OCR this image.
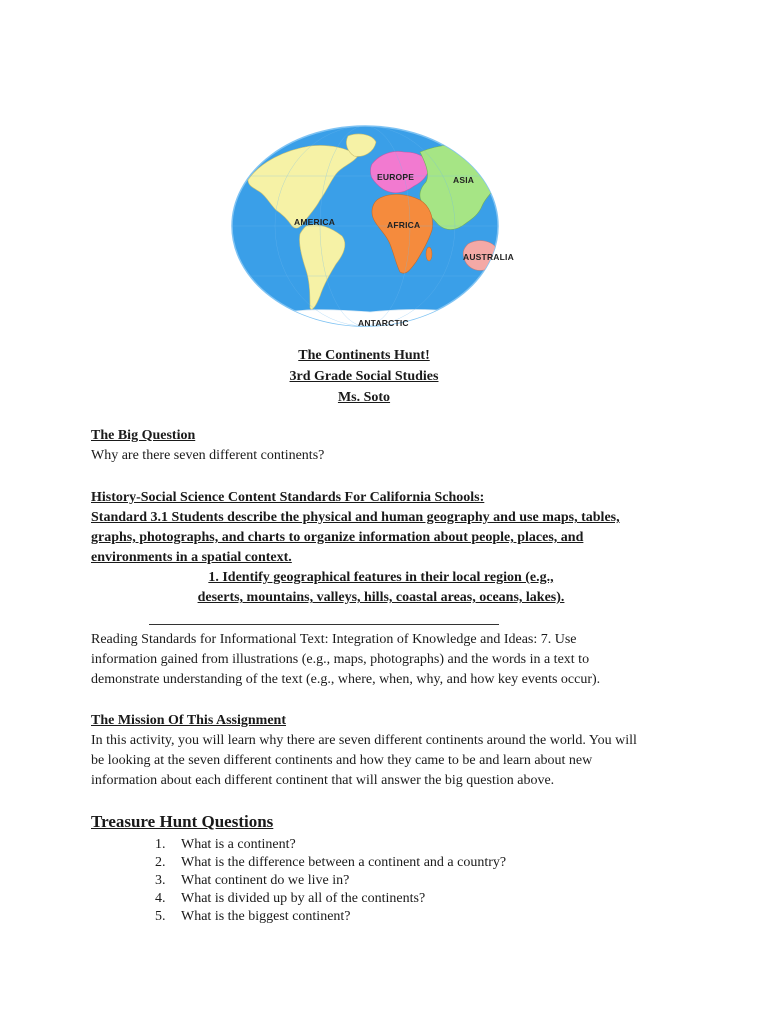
EUROPE	ASIA
AMERICA	AFRICA
AUSTRALIA
ANTARCTIC
The Continents Hunt!
3rd Grade Social Studies
Ms. Soto
The Big Question
Why are there seven different continents?
History-Social Science Content Standards For California Schools:
Standard 3.1 Students describe the physical and human geography and use maps, tables,
graphs, photographs, and charts to organize information about people, places, and
environments in a spatial context.
1. Identify geographical features in their local region (e.g.,
deserts, mountains, valleys, hills, coastal areas, oceans, lakes).
Reading Standards for Informational Text: Integration of Knowledge and Ideas: 7. Use
information gained from illustrations (e.g., maps, photographs) and the words in a text to
demonstrate understanding of the text (e.g., where, when, why, and how key events occur).
The Mission Of This Assignment
In this activity, you will learn why there are seven different continents around the world. You will
be looking at the seven different continents and how they came to be and learn about new
information about each different continent that will answer the big question above.
Treasure Hunt Questions
1.	What is a continent?
2.	What is the difference between a continent and a country?
3.	What continent do we live in?
4.	What is divided up by all of the continents?
5.	What is the biggest continent?
